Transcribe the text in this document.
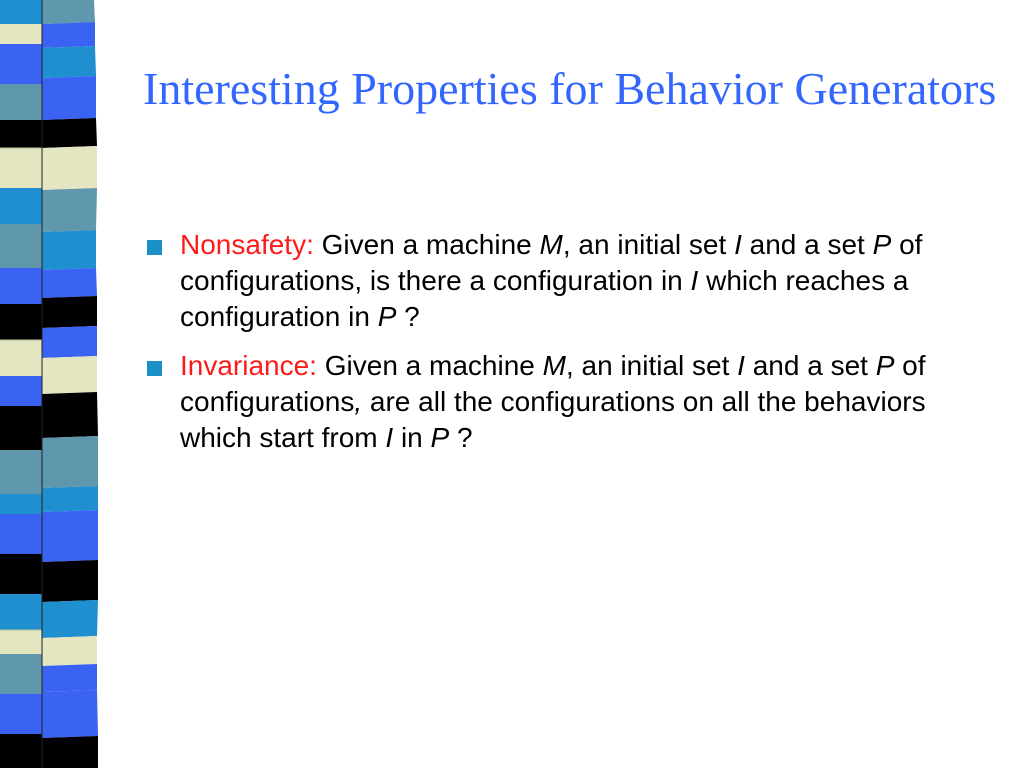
Interesting Properties for Behavior Generators
Nonsafety: Given a machine M, an initial set I and a set P of configurations, is there a configuration in I which reaches a configuration in P ?
Invariance: Given a machine M, an initial set I and a set P of configurations, are all the configurations on all the behaviors which start from I in P ?
